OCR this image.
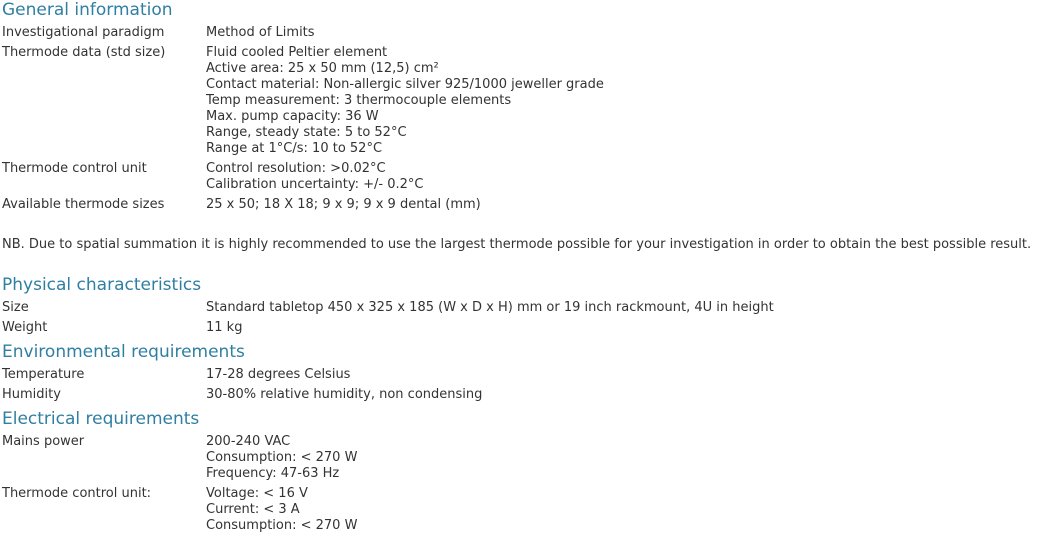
General information
Investigational paradigm	Method of Limits
Thermode data (std size)	Fluid cooled Peltier element
Active area: 25 x 50 mm (12,5) cm²
Contact material: Non-allergic silver 925/1000 jeweller grade
Temp measurement: 3 thermocouple elements
Max. pump capacity: 36 W
Range, steady state: 5 to 52°C
Range at 1°C/s: 10 to 52°C
Thermode control unit	Control resolution: >0.02°C
Calibration uncertainty: +/- 0.2°C
Available thermode sizes	25 x 50; 18 X 18; 9 x 9; 9 x 9 dental (mm)
NB. Due to spatial summation it is highly recommended to use the largest thermode possible for your investigation in order to obtain the best possible result.
Physical characteristics
Size	Standard tabletop 450 x 325 x 185 (W x D x H) mm or 19 inch rackmount, 4U in height
Weight	11 kg
Environmental requirements
Temperature	17-28 degrees Celsius
Humidity	30-80% relative humidity, non condensing
Electrical requirements
Mains power	200-240 VAC
Consumption: < 270 W
Frequency: 47-63 Hz
Thermode control unit:	Voltage: < 16 V
Current: < 3 A
Consumption: < 270 W
